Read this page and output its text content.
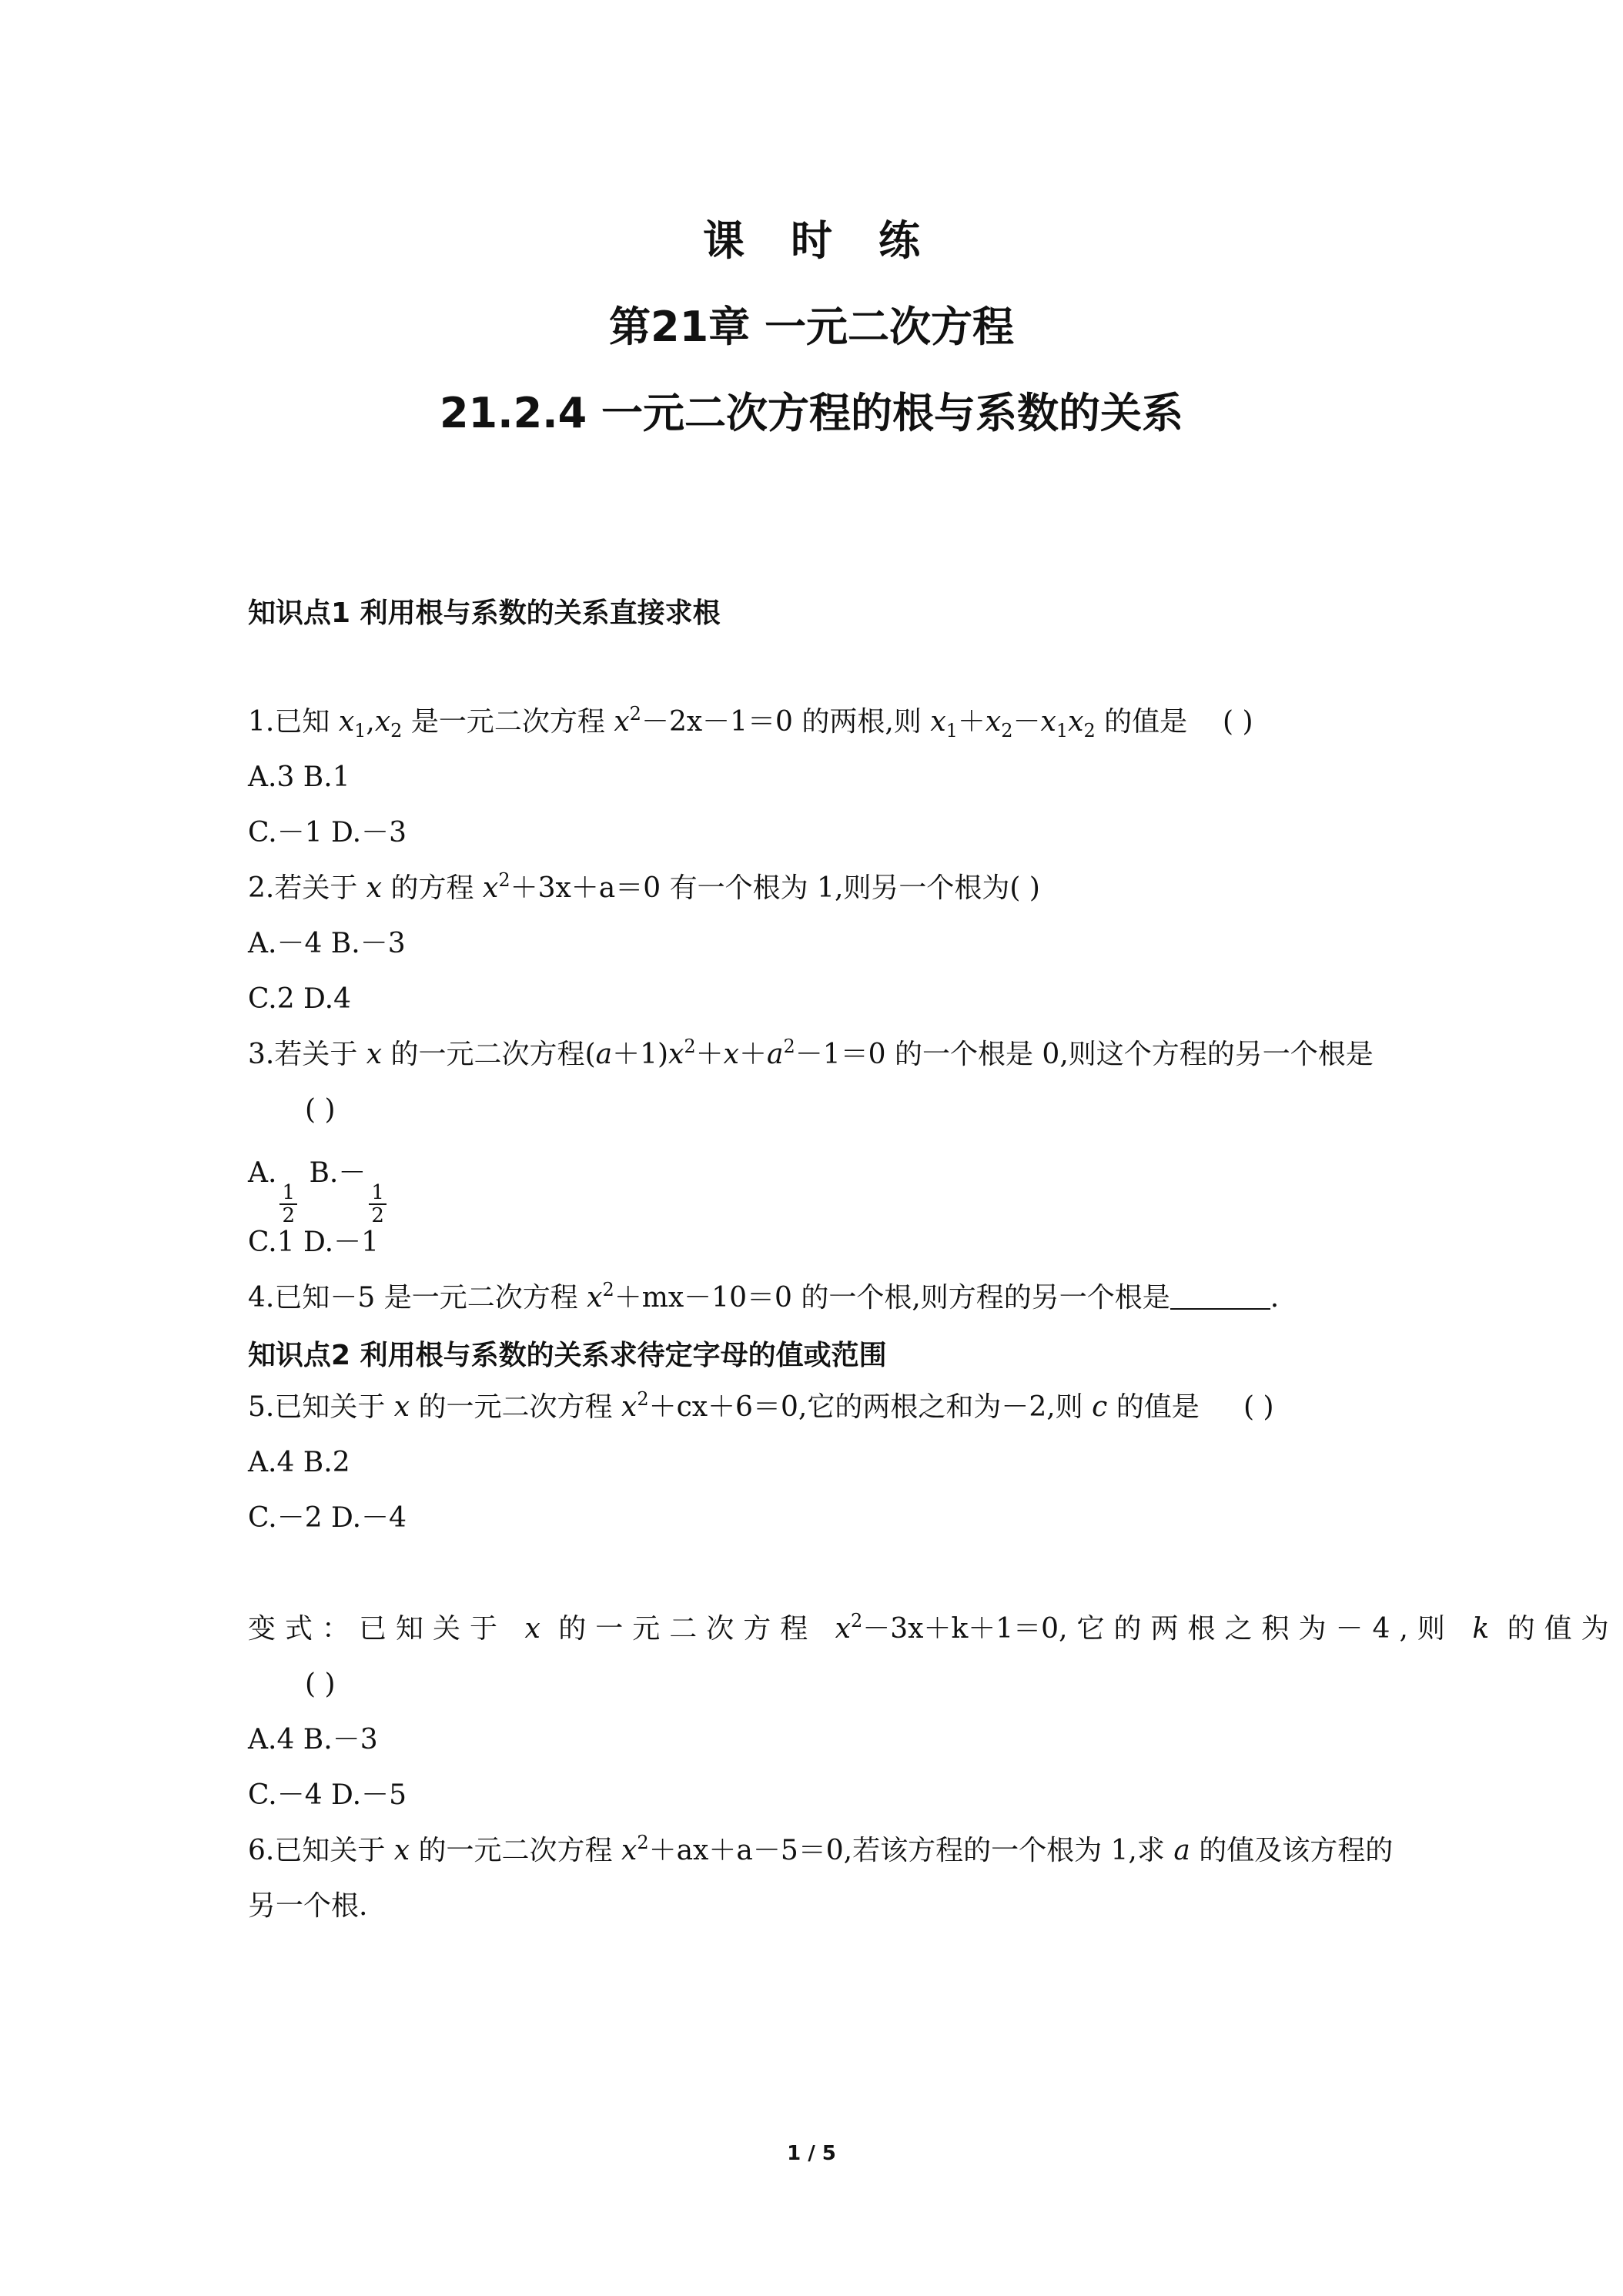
课时练
第21章 一元二次方程
21.2.4 一元二次方程的根与系数的关系
知识点1 利用根与系数的关系直接求根
1.已知 $x_1,x_2$ 是一元二次方程 $x^2-2x-1=0$ 的两根,则 $x_1+x_2-x_1x_2$ 的值是 ( )
A.3 B.1
C.－1 D.－3
2.若关于 x 的方程 $x^2+3x+a=0$ 有一个根为 1,则另一个根为( )
A.－4 B.－3
C.2 D.4
3.若关于 x 的一元二次方程$(a+1)x^2+x+a^2-1=0$ 的一个根是 0,则这个方程的另一个根是
( )
A.
$\frac{1}{2}$
B.－
$\frac{1}{2}$
C.1 D.－1
4.已知－5 是一元二次方程 $x^2+mx-10=0$ 的一个根,则方程的另一个根是	.
知识点2 利用根与系数的关系求待定字母的值或范围
5.已知关于 x 的一元二次方程 $x^2+cx+6=0$,它的两根之和为－2,则 c 的值是 ( )
A.4 B.2
C.－2 D.－4
变式：已知关于 x 的一元二次方程 $x^2-3x+k+1=0$,它的两根之积为－4,则 k 的值为
( )
A.4 B.－3
C.－4 D.－5
6.已知关于 x 的一元二次方程 $x^2+ax+a-5=0$,若该方程的一个根为 1,求 a 的值及该方程的
另一个根.
1 / 5
